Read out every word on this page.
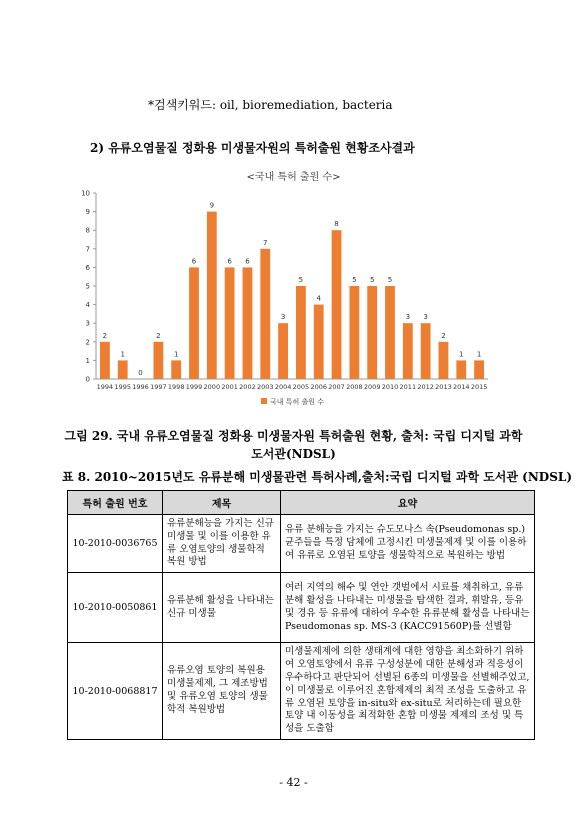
*검색키워드: oil, bioremediation, bacteria
2) 유류오염물질 정화용 미생물자원의 특허출원 현황조사결과
<국내 특허 출원 수>
0
1
2
3
4
5
6
7
8
9
10
2
1994
1
1995
0
1996
2
1997
1
1998
6
1999
9
2000
6
2001
6
2002
7
2003
3
2004
5
2005
4
2006
8
2007
5
2008
5
2009
5
2010
3
2011
3
2012
2
2013
1
2014
1
2015
국내 특허 출원 수
그림 29. 국내 유류오염물질 정화용 미생물자원 특허출원 현황, 출처: 국립 디지털 과학
도서관(NDSL)
표 8. 2010~2015년도 유류분해 미생물관련 특허사례,출처:국립 디지털 과학 도서관 (NDSL)
특허 출원 번호	제목	요약
10-2010-0036765	유류분해능을 가지는 신규 미생물 및 이를 이용한 유류 오염토양의 생물학적 복원 방법	유류 분해능을 가지는 슈도모나스 속(Pseudomonas sp.) 균주들을 특정 담체에 고정시킨 미생물제제 및 이를 이용하여 유류로 오염된 토양을 생물학적으로 복원하는 방법
10-2010-0050861	유류분해 활성을 나타내는 신규 미생물	여러 지역의 해수 및 연안 갯벌에서 시료를 채취하고, 유류분해 활성을 나타내는 미생물을 탐색한 결과, 휘발유, 등유 및 경유 등 유류에 대하여 우수한 유류분해 활성을 나타내는 Pseudomonas sp. MS-3 (KACC91560P)를 선별함
10-2010-0068817	유류오염 토양의 복원용 미생물제제, 그 제조방법 및 유류오염 토양의 생물학적 복원방법	미생물제제에 의한 생태계에 대한 영향을 최소화하기 위하여 오염토양에서 유류 구성성분에 대한 분해성과 적응성이 우수하다고 판단되어 선별된 6종의 미생물을 선별해주었고, 이 미생물로 이루어진 혼합제제의 최적 조성을 도출하고 유류 오염된 토양을 in-situ와 ex-situ로 처리하는데 필요한 토양 내 이동성을 최적화한 혼합 미생물 제제의 조성 및 특성을 도출함
- 42 -
